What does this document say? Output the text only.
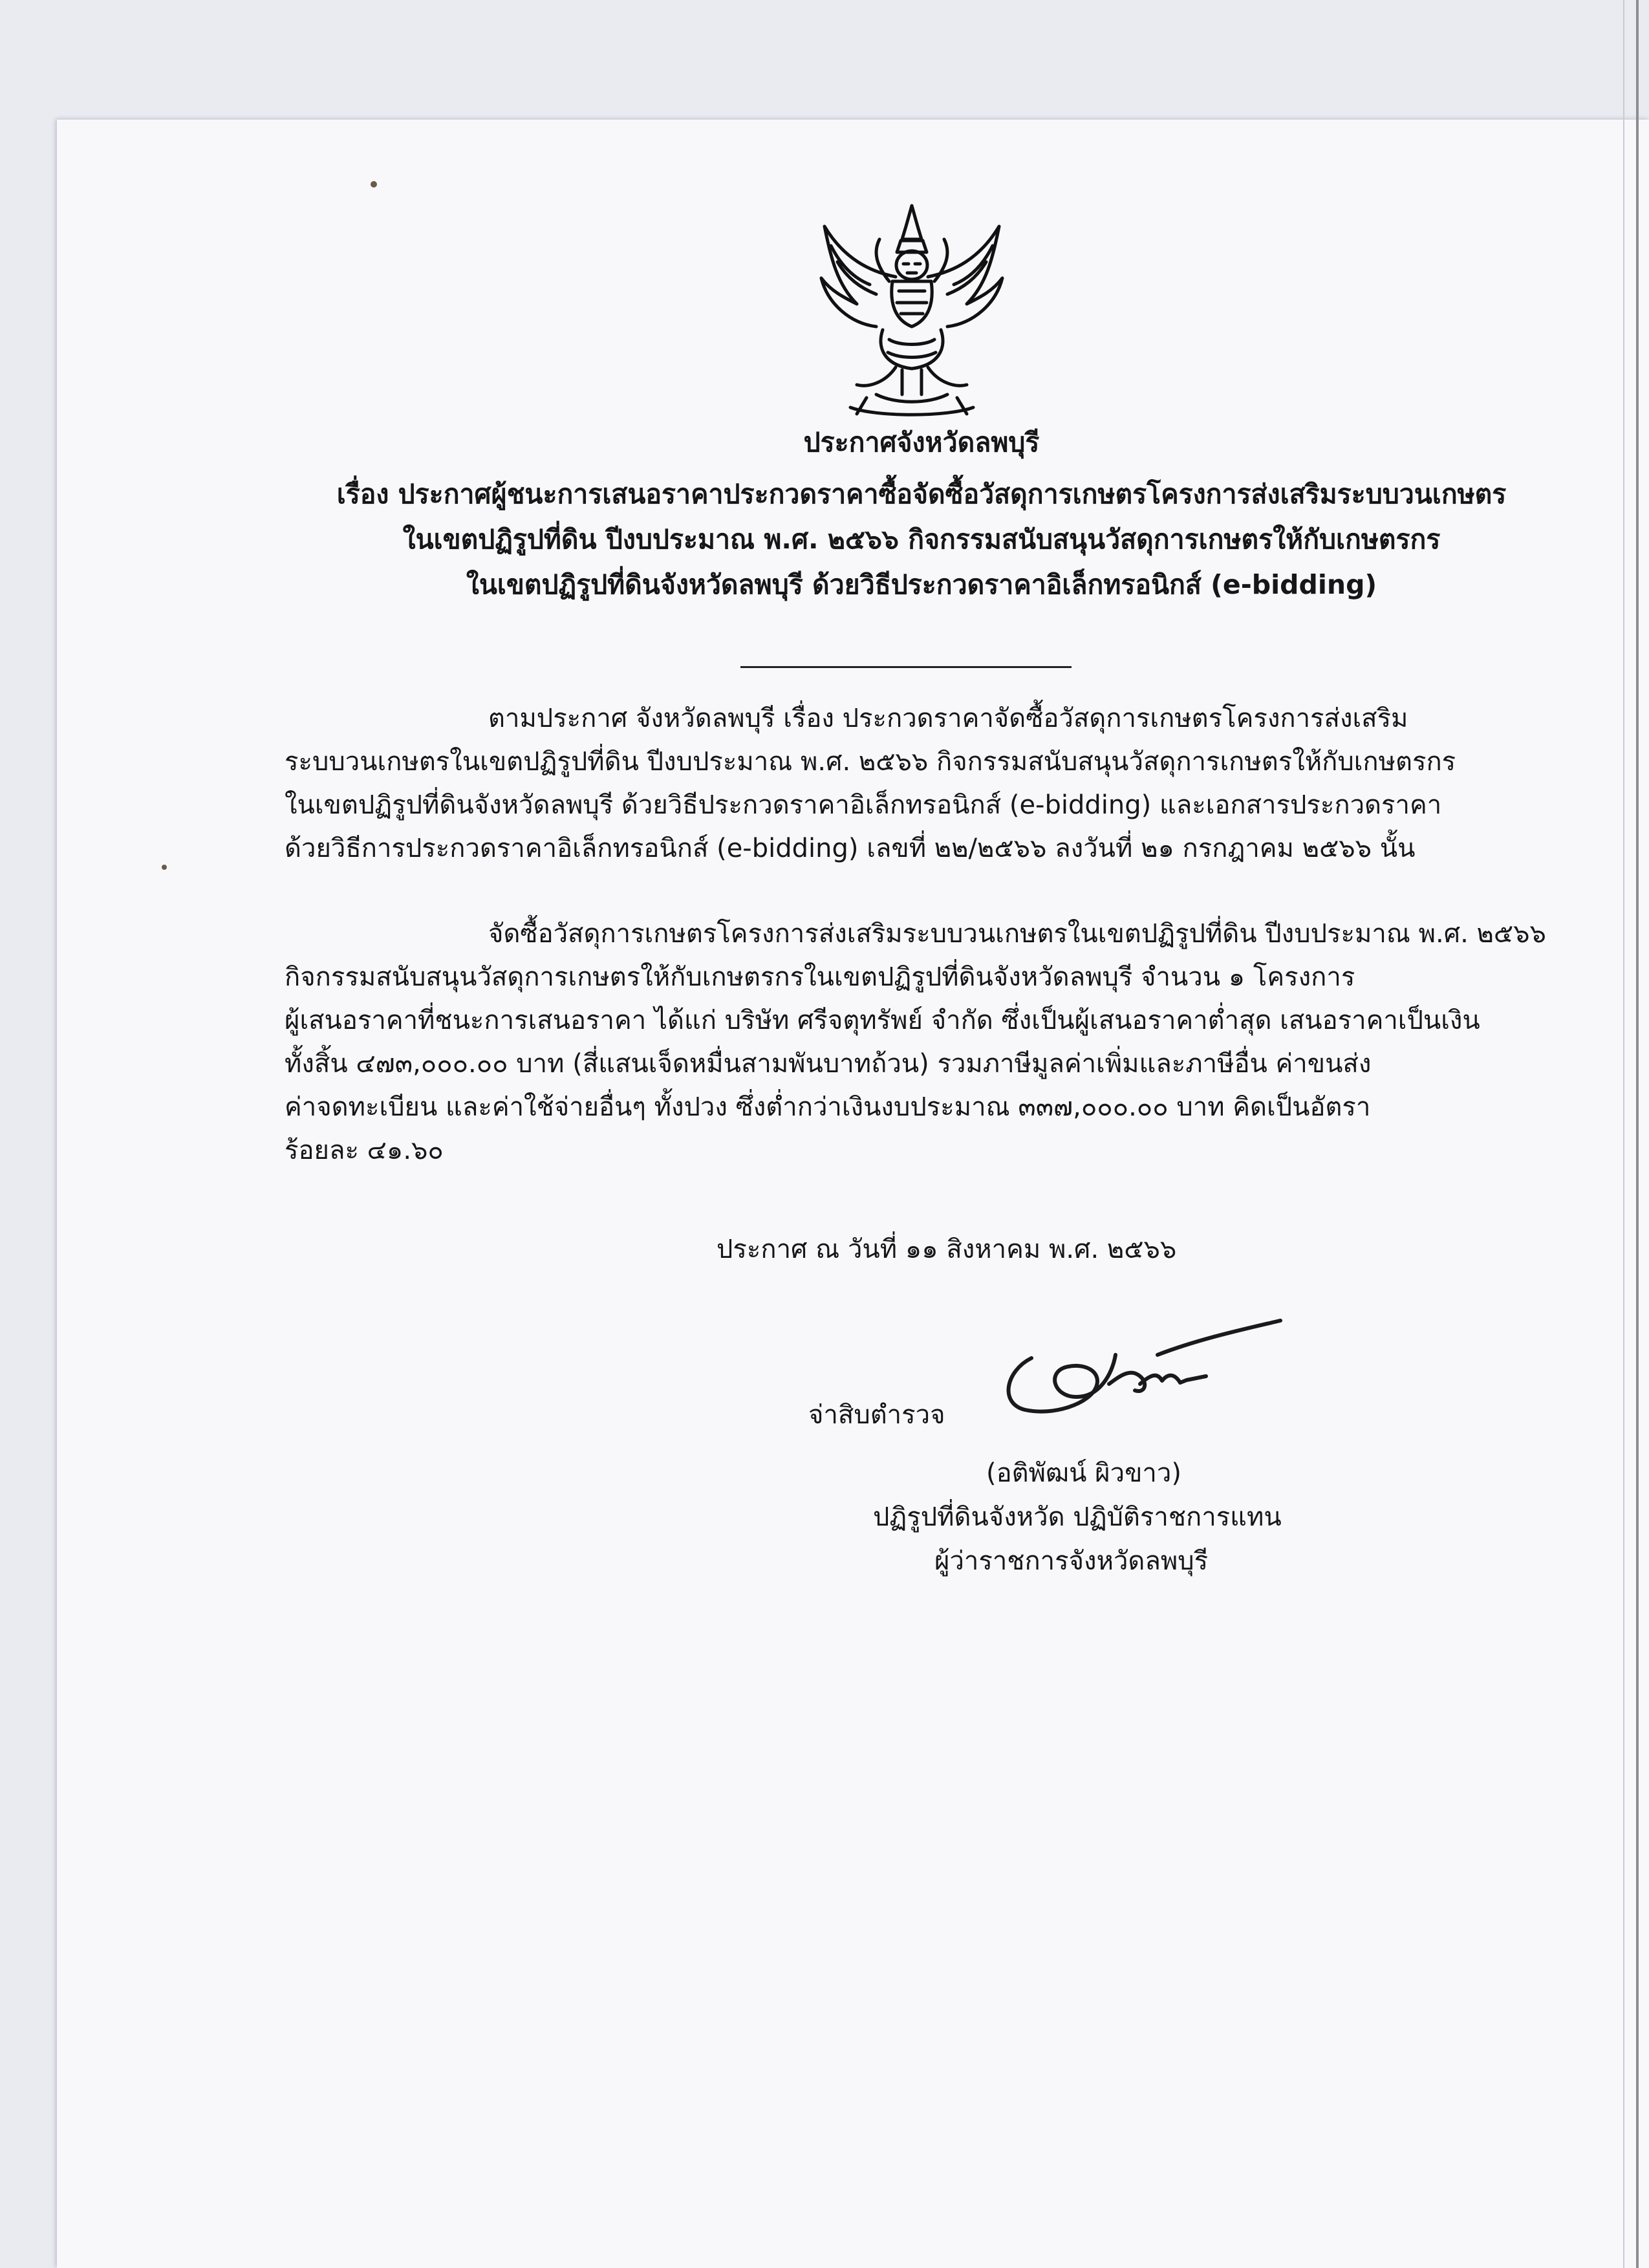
ประกาศจังหวัดลพบุรี

เรื่อง ประกาศผู้ชนะการเสนอราคาประกวดราคาซื้อจัดซื้อวัสดุการเกษตรโครงการส่งเสริมระบบวนเกษตร

ในเขตปฏิรูปที่ดิน ปีงบประมาณ พ.ศ. ๒๕๖๖ กิจกรรมสนับสนุนวัสดุการเกษตรให้กับเกษตรกร

ในเขตปฏิรูปที่ดินจังหวัดลพบุรี ด้วยวิธีประกวดราคาอิเล็กทรอนิกส์ (e-bidding)

ตามประกาศ จังหวัดลพบุรี เรื่อง ประกวดราคาจัดซื้อวัสดุการเกษตรโครงการส่งเสริม

ระบบวนเกษตรในเขตปฏิรูปที่ดิน ปีงบประมาณ พ.ศ. ๒๕๖๖ กิจกรรมสนับสนุนวัสดุการเกษตรให้กับเกษตรกร

ในเขตปฏิรูปที่ดินจังหวัดลพบุรี ด้วยวิธีประกวดราคาอิเล็กทรอนิกส์ (e-bidding) และเอกสารประกวดราคา

ด้วยวิธีการประกวดราคาอิเล็กทรอนิกส์ (e-bidding) เลขที่ ๒๒/๒๕๖๖ ลงวันที่ ๒๑ กรกฎาคม ๒๕๖๖ นั้น

จัดซื้อวัสดุการเกษตรโครงการส่งเสริมระบบวนเกษตรในเขตปฏิรูปที่ดิน ปีงบประมาณ พ.ศ. ๒๕๖๖

กิจกรรมสนับสนุนวัสดุการเกษตรให้กับเกษตรกรในเขตปฏิรูปที่ดินจังหวัดลพบุรี จำนวน ๑ โครงการ

ผู้เสนอราคาที่ชนะการเสนอราคา ได้แก่ บริษัท ศรีจตุทรัพย์ จำกัด ซึ่งเป็นผู้เสนอราคาต่ำสุด เสนอราคาเป็นเงิน

ทั้งสิ้น ๔๗๓,๐๐๐.๐๐ บาท (สี่แสนเจ็ดหมื่นสามพันบาทถ้วน) รวมภาษีมูลค่าเพิ่มและภาษีอื่น ค่าขนส่ง

ค่าจดทะเบียน และค่าใช้จ่ายอื่นๆ ทั้งปวง ซึ่งต่ำกว่าเงินงบประมาณ ๓๓๗,๐๐๐.๐๐ บาท คิดเป็นอัตรา

ร้อยละ ๔๑.๖๐

ประกาศ ณ วันที่ ๑๑ สิงหาคม พ.ศ. ๒๕๖๖

จ่าสิบตำรวจ

(อติพัฒน์ ผิวขาว)

ปฏิรูปที่ดินจังหวัด ปฏิบัติราชการแทน

ผู้ว่าราชการจังหวัดลพบุรี
